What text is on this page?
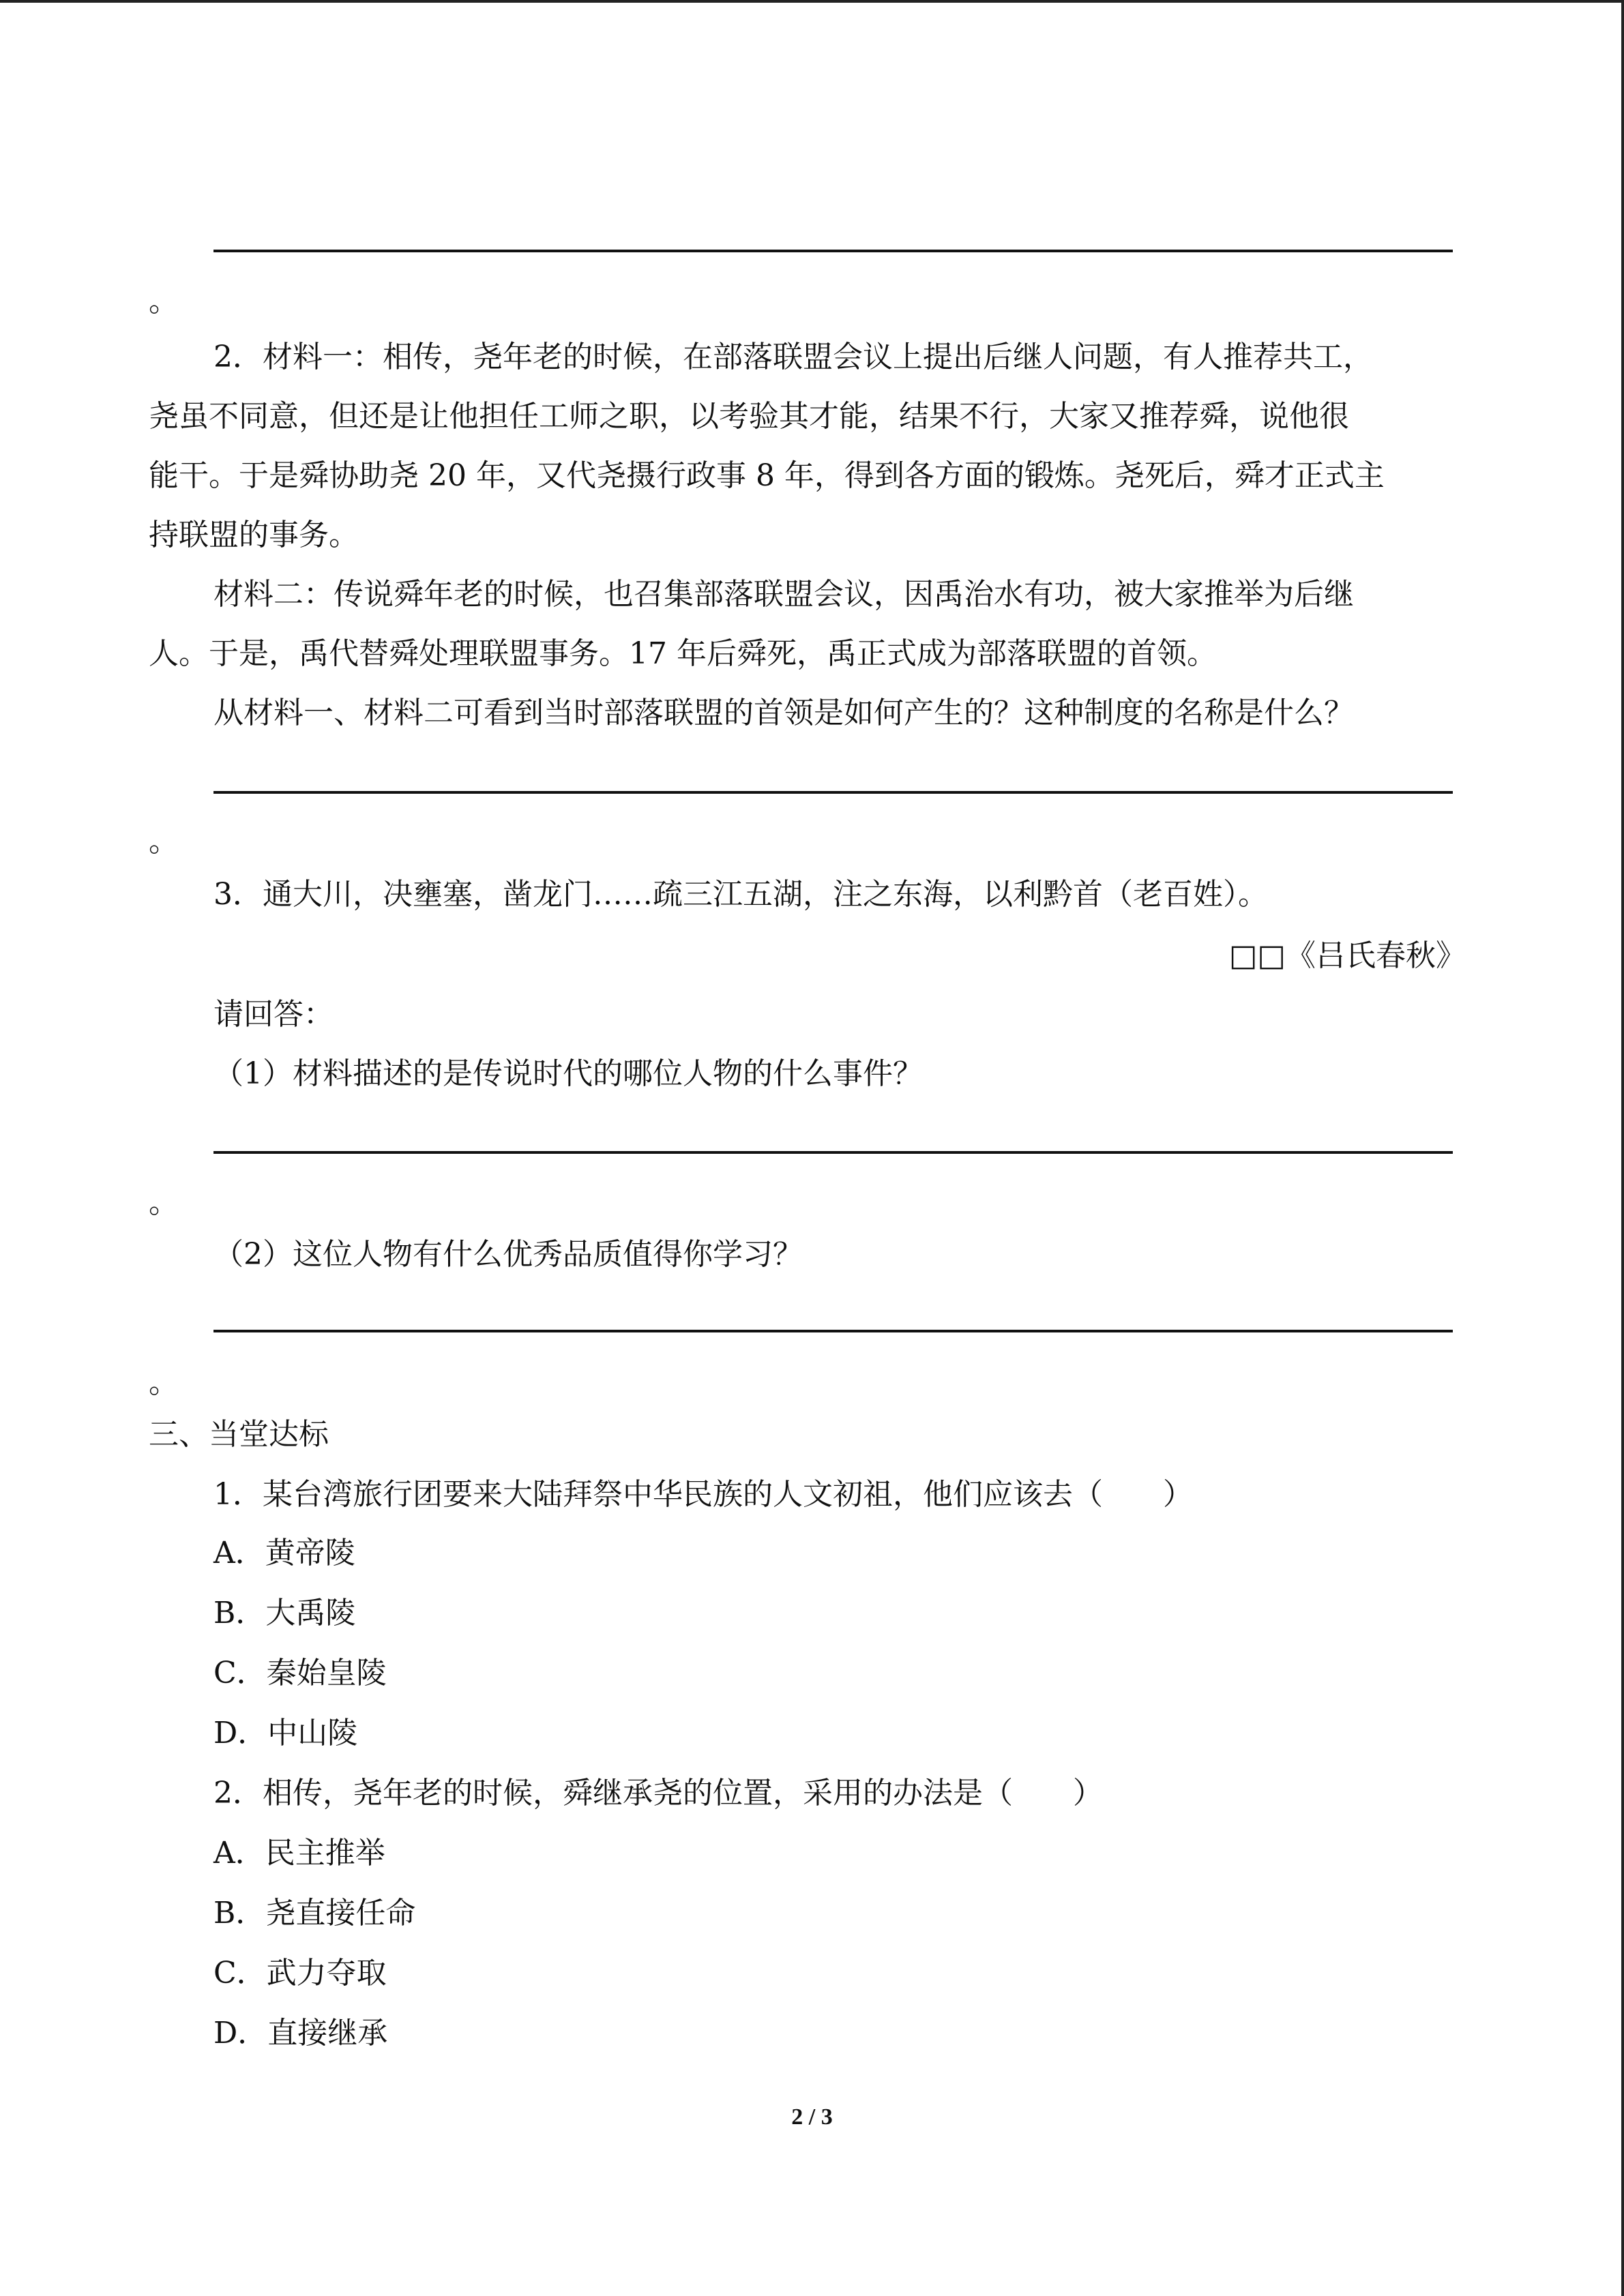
。
2．材料一：相传，尧年老的时候，在部落联盟会议上提出后继人问题，有人推荐共工，
尧虽不同意，但还是让他担任工师之职，以考验其才能，结果不行，大家又推荐舜，说他很
能干。于是舜协助尧 20 年，又代尧摄行政事 8 年，得到各方面的锻炼。尧死后，舜才正式主
持联盟的事务。
材料二：传说舜年老的时候，也召集部落联盟会议，因禹治水有功，被大家推举为后继
人。于是，禹代替舜处理联盟事务。17 年后舜死，禹正式成为部落联盟的首领。
从材料一、材料二可看到当时部落联盟的首领是如何产生的？这种制度的名称是什么？
。
3．通大川，决壅塞，凿龙门……疏三江五湖，注之东海，以利黔首（老百姓）。
□□《吕氏春秋》
请回答：
（1）材料描述的是传说时代的哪位人物的什么事件？
。
（2）这位人物有什么优秀品质值得你学习？
。
三、当堂达标
1．某台湾旅行团要来大陆拜祭中华民族的人文初祖，他们应该去（　　）
A．黄帝陵
B．大禹陵
C．秦始皇陵
D．中山陵
2．相传，尧年老的时候，舜继承尧的位置，采用的办法是（　　）
A．民主推举
B．尧直接任命
C．武力夺取
D．直接继承
2 / 3
